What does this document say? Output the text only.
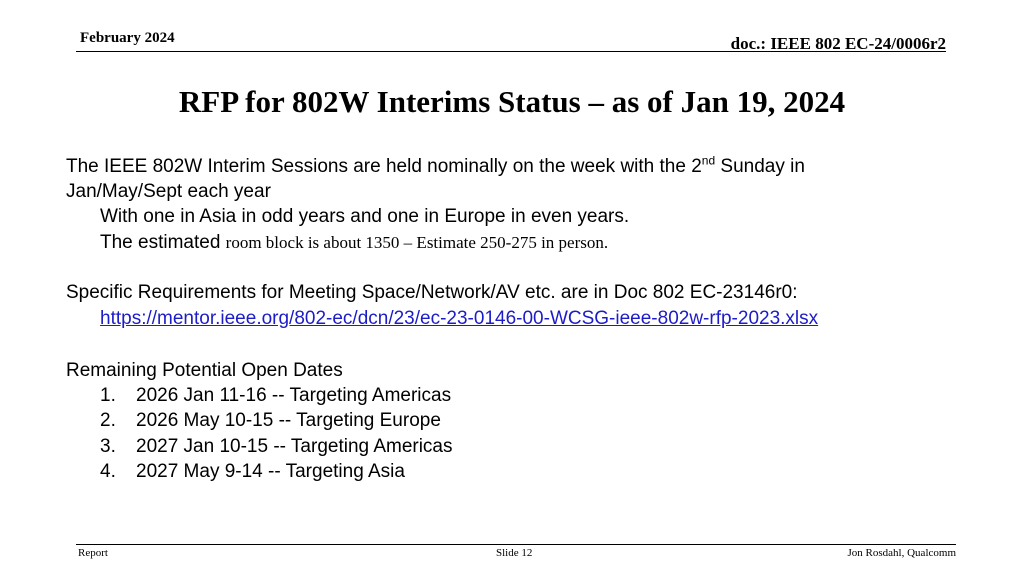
February 2024	doc.: IEEE 802 EC-24/0006r2
RFP for 802W Interims Status – as of Jan 19, 2024
The IEEE 802W Interim Sessions are held nominally on the week with the 2nd Sunday in
Jan/May/Sept each year
With one in Asia in odd years and one in Europe in even years.
The estimated room block is about 1350 – Estimate 250-275 in person.
Specific Requirements for Meeting Space/Network/AV etc. are in Doc 802 EC-23146r0:
https://mentor.ieee.org/802-ec/dcn/23/ec-23-0146-00-WCSG-ieee-802w-rfp-2023.xlsx
Remaining Potential Open Dates
1. 2026 Jan 11-16 -- Targeting Americas
2. 2026 May 10-15 -- Targeting Europe
3. 2027 Jan 10-15 -- Targeting Americas
4. 2027 May 9-14 -- Targeting Asia
Report	Slide 12	Jon Rosdahl, Qualcomm
